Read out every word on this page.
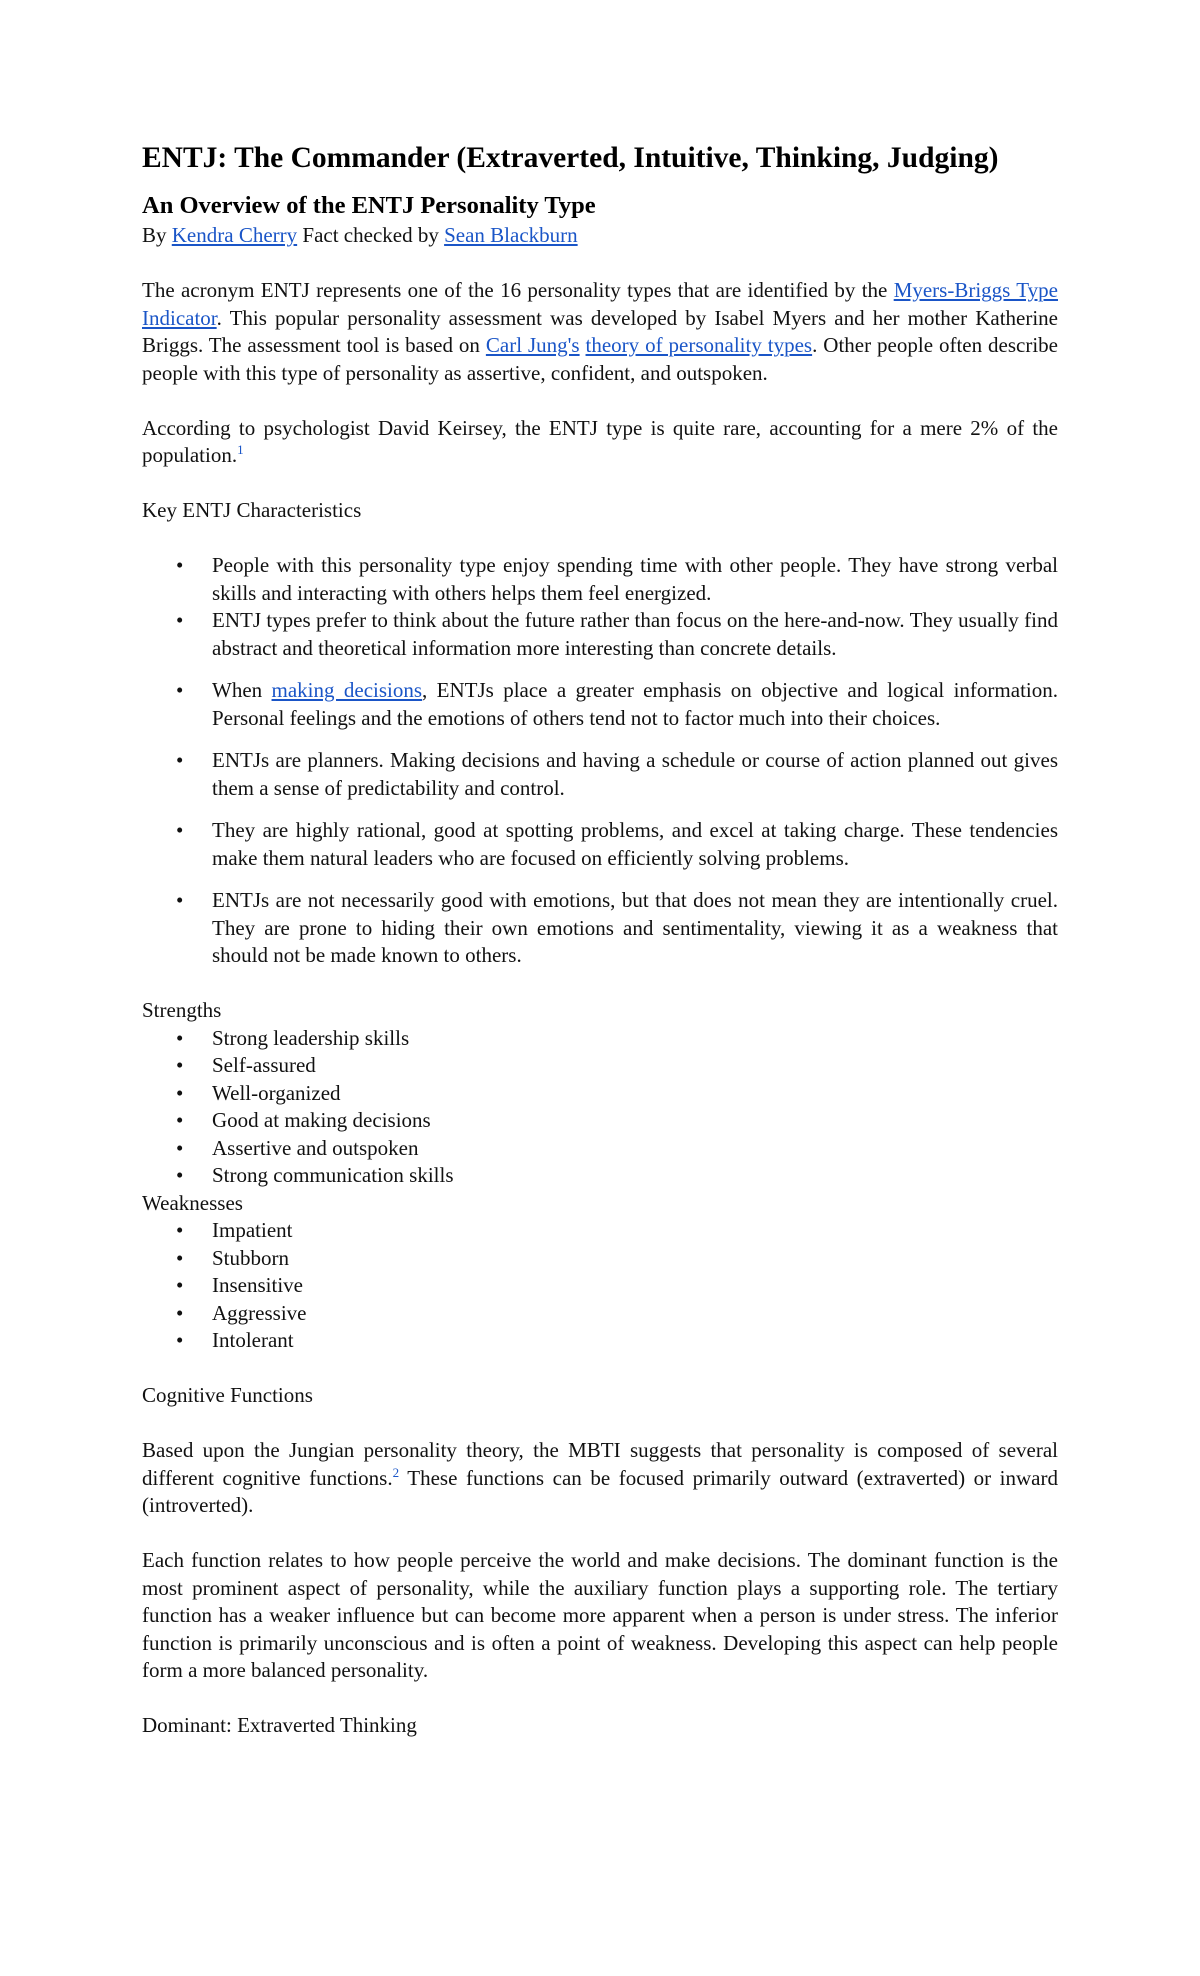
ENTJ: The Commander (Extraverted, Intuitive, Thinking, Judging)
An Overview of the ENTJ Personality Type

By Kendra Cherry Fact checked by Sean Blackburn

The acronym ENTJ represents one of the 16 personality types that are identified by the Myers-Briggs Type Indicator. This popular personality assessment was developed by Isabel Myers and her mother Katherine Briggs. The assessment tool is based on Carl Jung's theory of personality types. Other people often describe people with this type of personality as assertive, confident, and outspoken.

According to psychologist David Keirsey, the ENTJ type is quite rare, accounting for a mere 2% of the population.$^1$

Key ENTJ Characteristics

• People with this personality type enjoy spending time with other people. They have strong verbal skills and interacting with others helps them feel energized.
• ENTJ types prefer to think about the future rather than focus on the here-and-now. They usually find abstract and theoretical information more interesting than concrete details.
• When making decisions, ENTJs place a greater emphasis on objective and logical information. Personal feelings and the emotions of others tend not to factor much into their choices.
• ENTJs are planners. Making decisions and having a schedule or course of action planned out gives them a sense of predictability and control.
• They are highly rational, good at spotting problems, and excel at taking charge. These tendencies make them natural leaders who are focused on efficiently solving problems.
• ENTJs are not necessarily good with emotions, but that does not mean they are intentionally cruel. They are prone to hiding their own emotions and sentimentality, viewing it as a weakness that should not be made known to others.

Strengths

• Strong leadership skills
• Self-assured
• Well-organized
• Good at making decisions
• Assertive and outspoken
• Strong communication skills

Weaknesses

• Impatient
• Stubborn
• Insensitive
• Aggressive
• Intolerant

Cognitive Functions

Based upon the Jungian personality theory, the MBTI suggests that personality is composed of several different cognitive functions.$^2$ These functions can be focused primarily outward (extraverted) or inward (introverted).

Each function relates to how people perceive the world and make decisions. The dominant function is the most prominent aspect of personality, while the auxiliary function plays a supporting role. The tertiary function has a weaker influence but can become more apparent when a person is under stress. The inferior function is primarily unconscious and is often a point of weakness. Developing this aspect can help people form a more balanced personality.

Dominant: Extraverted Thinking
